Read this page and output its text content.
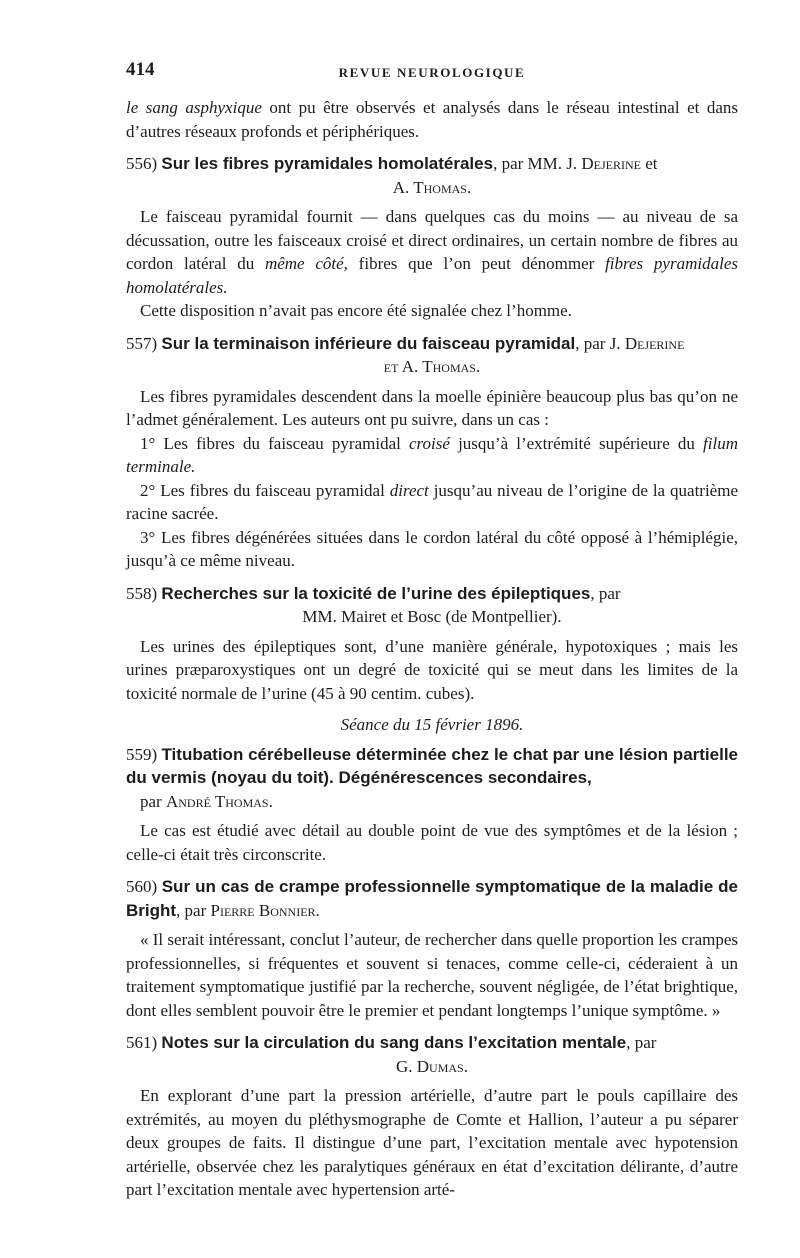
414	REVUE NEUROLOGIQUE

le sang asphyxique ont pu être observés et analysés dans le réseau intestinal et dans d’autres réseaux profonds et périphériques.

556) Sur les fibres pyramidales homolatérales, par MM. J. Dejerine et
A. Thomas.

Le faisceau pyramidal fournit — dans quelques cas du moins — au niveau de sa décussation, outre les faisceaux croisé et direct ordinaires, un certain nombre de fibres au cordon latéral du même côté, fibres que l’on peut dénommer fibres pyramidales homolatérales.

Cette disposition n’avait pas encore été signalée chez l’homme.

557) Sur la terminaison inférieure du faisceau pyramidal, par J. Dejerine
et A. Thomas.

Les fibres pyramidales descendent dans la moelle épinière beaucoup plus bas qu’on ne l’admet généralement. Les auteurs ont pu suivre, dans un cas :

1° Les fibres du faisceau pyramidal croisé jusqu’à l’extrémité supérieure du filum terminale.

2° Les fibres du faisceau pyramidal direct jusqu’au niveau de l’origine de la quatrième racine sacrée.

3° Les fibres dégénérées situées dans le cordon latéral du côté opposé à l’hémiplégie, jusqu’à ce même niveau.

558) Recherches sur la toxicité de l’urine des épileptiques, par
MM. Mairet et Bosc (de Montpellier).

Les urines des épileptiques sont, d’une manière générale, hypotoxiques ; mais les urines præparoxystiques ont un degré de toxicité qui se meut dans les limites de la toxicité normale de l’urine (45 à 90 centim. cubes).

Séance du 15 février 1896.
559) Titubation cérébelleuse déterminée chez le chat par une lésion partielle du vermis (noyau du toit). Dégénérescences secondaires,
par André Thomas.

Le cas est étudié avec détail au double point de vue des symptômes et de la lésion ; celle-ci était très circonscrite.

560) Sur un cas de crampe professionnelle symptomatique de la maladie de Bright, par Pierre Bonnier.

« Il serait intéressant, conclut l’auteur, de rechercher dans quelle proportion les crampes professionnelles, si fréquentes et souvent si tenaces, comme celle-ci, céderaient à un traitement symptomatique justifié par la recherche, souvent négligée, de l’état brightique, dont elles semblent pouvoir être le premier et pendant longtemps l’unique symptôme. »

561) Notes sur la circulation du sang dans l’excitation mentale, par
G. Dumas.

En explorant d’une part la pression artérielle, d’autre part le pouls capillaire des extrémités, au moyen du pléthysmographe de Comte et Hallion, l’auteur a pu séparer deux groupes de faits. Il distingue d’une part, l’excitation mentale avec hypotension artérielle, observée chez les paralytiques généraux en état d’excitation délirante, d’autre part l’excitation mentale avec hypertension arté-
